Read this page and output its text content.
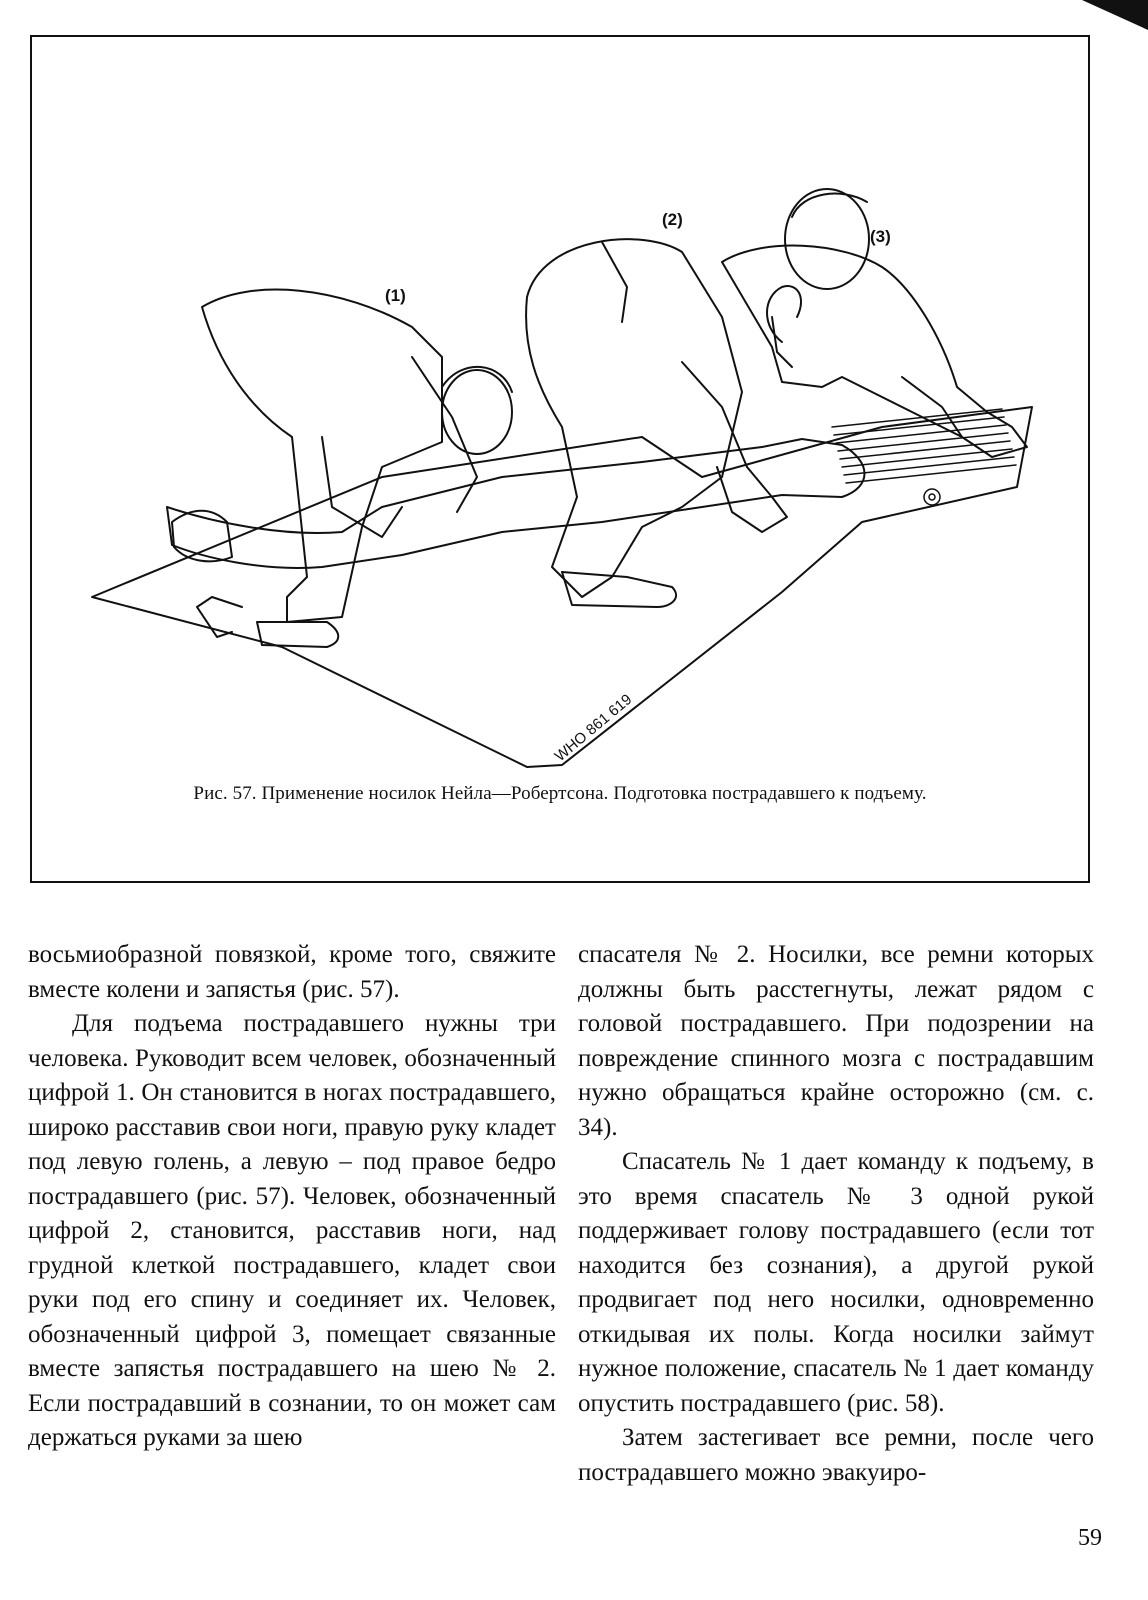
(1)
(2)
(3)
WHO 861 619
Рис. 57. Применение носилок Нейла—Робертсона. Подготовка пострадавшего к подъему.

восьмиобразной повязкой, кроме того, свяжите вместе колени и запястья (рис. 57).

Для подъема пострадавшего нужны три человека. Руководит всем человек, обозначенный цифрой 1. Он становится в ногах пострадавшего, широко расставив свои ноги, правую руку кладет под левую голень, а левую – под правое бедро пострадавшего (рис. 57). Человек, обозначенный цифрой 2, становится, расставив ноги, над грудной клеткой пострадавшего, кладет свои руки под его спину и соединяет их. Человек, обозначенный цифрой 3, помещает связанные вместе запястья пострадавшего на шею № 2. Если пострадавший в сознании, то он может сам держаться руками за шею

спасателя № 2. Носилки, все ремни которых должны быть расстегнуты, лежат рядом с головой пострадавшего. При подозрении на повреждение спинного мозга с пострадавшим нужно обращаться крайне осторожно (см. с. 34).

Спасатель № 1 дает команду к подъему, в это время спасатель № 3 одной рукой поддерживает голову пострадавшего (если тот находится без сознания), а другой рукой продвигает под него носилки, одновременно откидывая их полы. Когда носилки займут нужное положение, спасатель № 1 дает команду опустить пострадавшего (рис. 58).

Затем застегивает все ремни, после чего пострадавшего можно эвакуиро-

59
